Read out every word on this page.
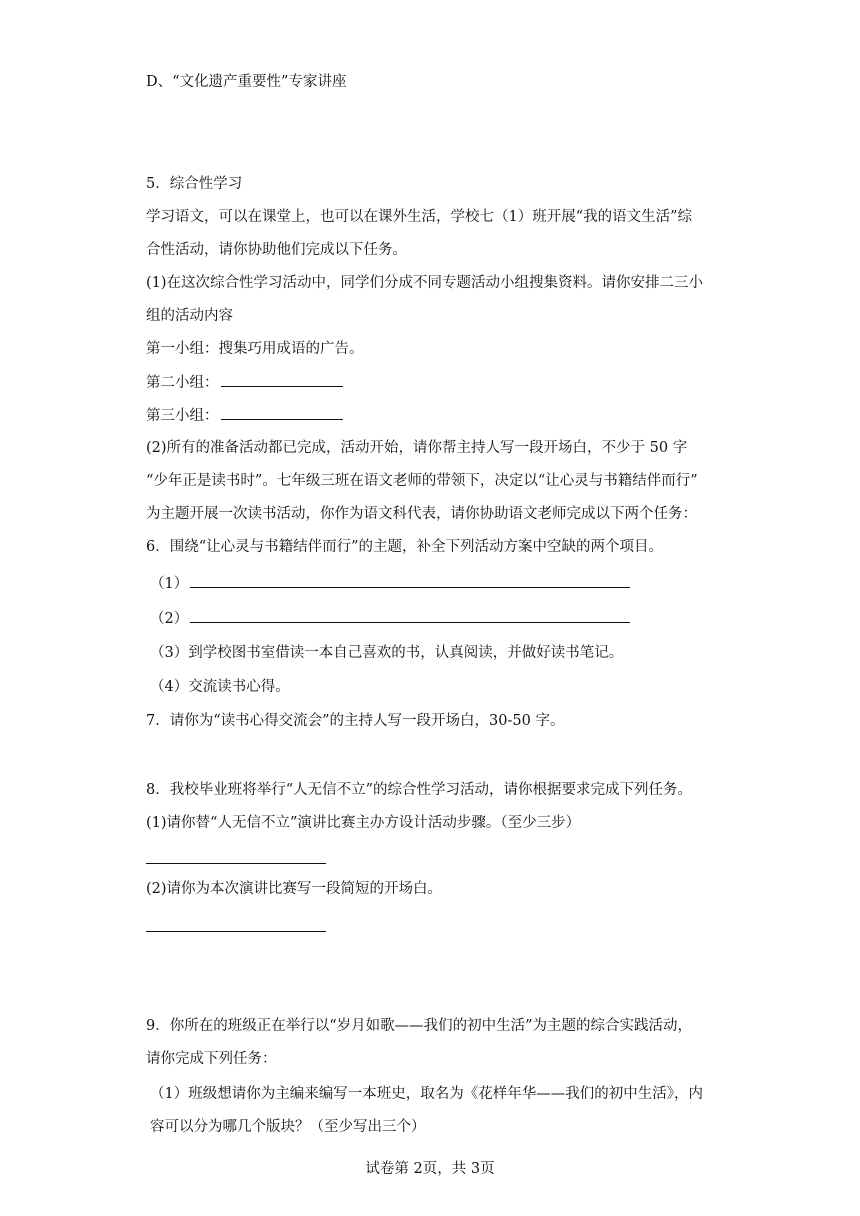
D、“文化遗产重要性”专家讲座
5．综合性学习
学习语文，可以在课堂上，也可以在课外生活，学校七（1）班开展“我的语文生活”综
合性活动，请你协助他们完成以下任务。
(1)在这次综合性学习活动中，同学们分成不同专题活动小组搜集资料。请你安排二三小
组的活动内容
第一小组：搜集巧用成语的广告。
第二小组：
第三小组：
(2)所有的准备活动都已完成，活动开始，请你帮主持人写一段开场白，不少于 50 字
“少年正是读书时”。七年级三班在语文老师的带领下，决定以“让心灵与书籍结伴而行”
为主题开展一次读书活动，你作为语文科代表，请你协助语文老师完成以下两个任务：
6．围绕“让心灵与书籍结伴而行”的主题，补全下列活动方案中空缺的两个项目。
（1）
（2）
（3）到学校图书室借读一本自己喜欢的书，认真阅读，并做好读书笔记。
（4）交流读书心得。
7．请你为“读书心得交流会”的主持人写一段开场白，30-50 字。
8．我校毕业班将举行“人无信不立”的综合性学习活动，请你根据要求完成下列任务。
(1)请你替“人无信不立”演讲比赛主办方设计活动步骤。（至少三步）
(2)请你为本次演讲比赛写一段简短的开场白。
9．你所在的班级正在举行以“岁月如歌——我们的初中生活”为主题的综合实践活动，
请你完成下列任务：
（1）班级想请你为主编来编写一本班史，取名为《花样年华——我们的初中生活》，内
容可以分为哪几个版块？（至少写出三个）
试卷第 2页，共 3页
